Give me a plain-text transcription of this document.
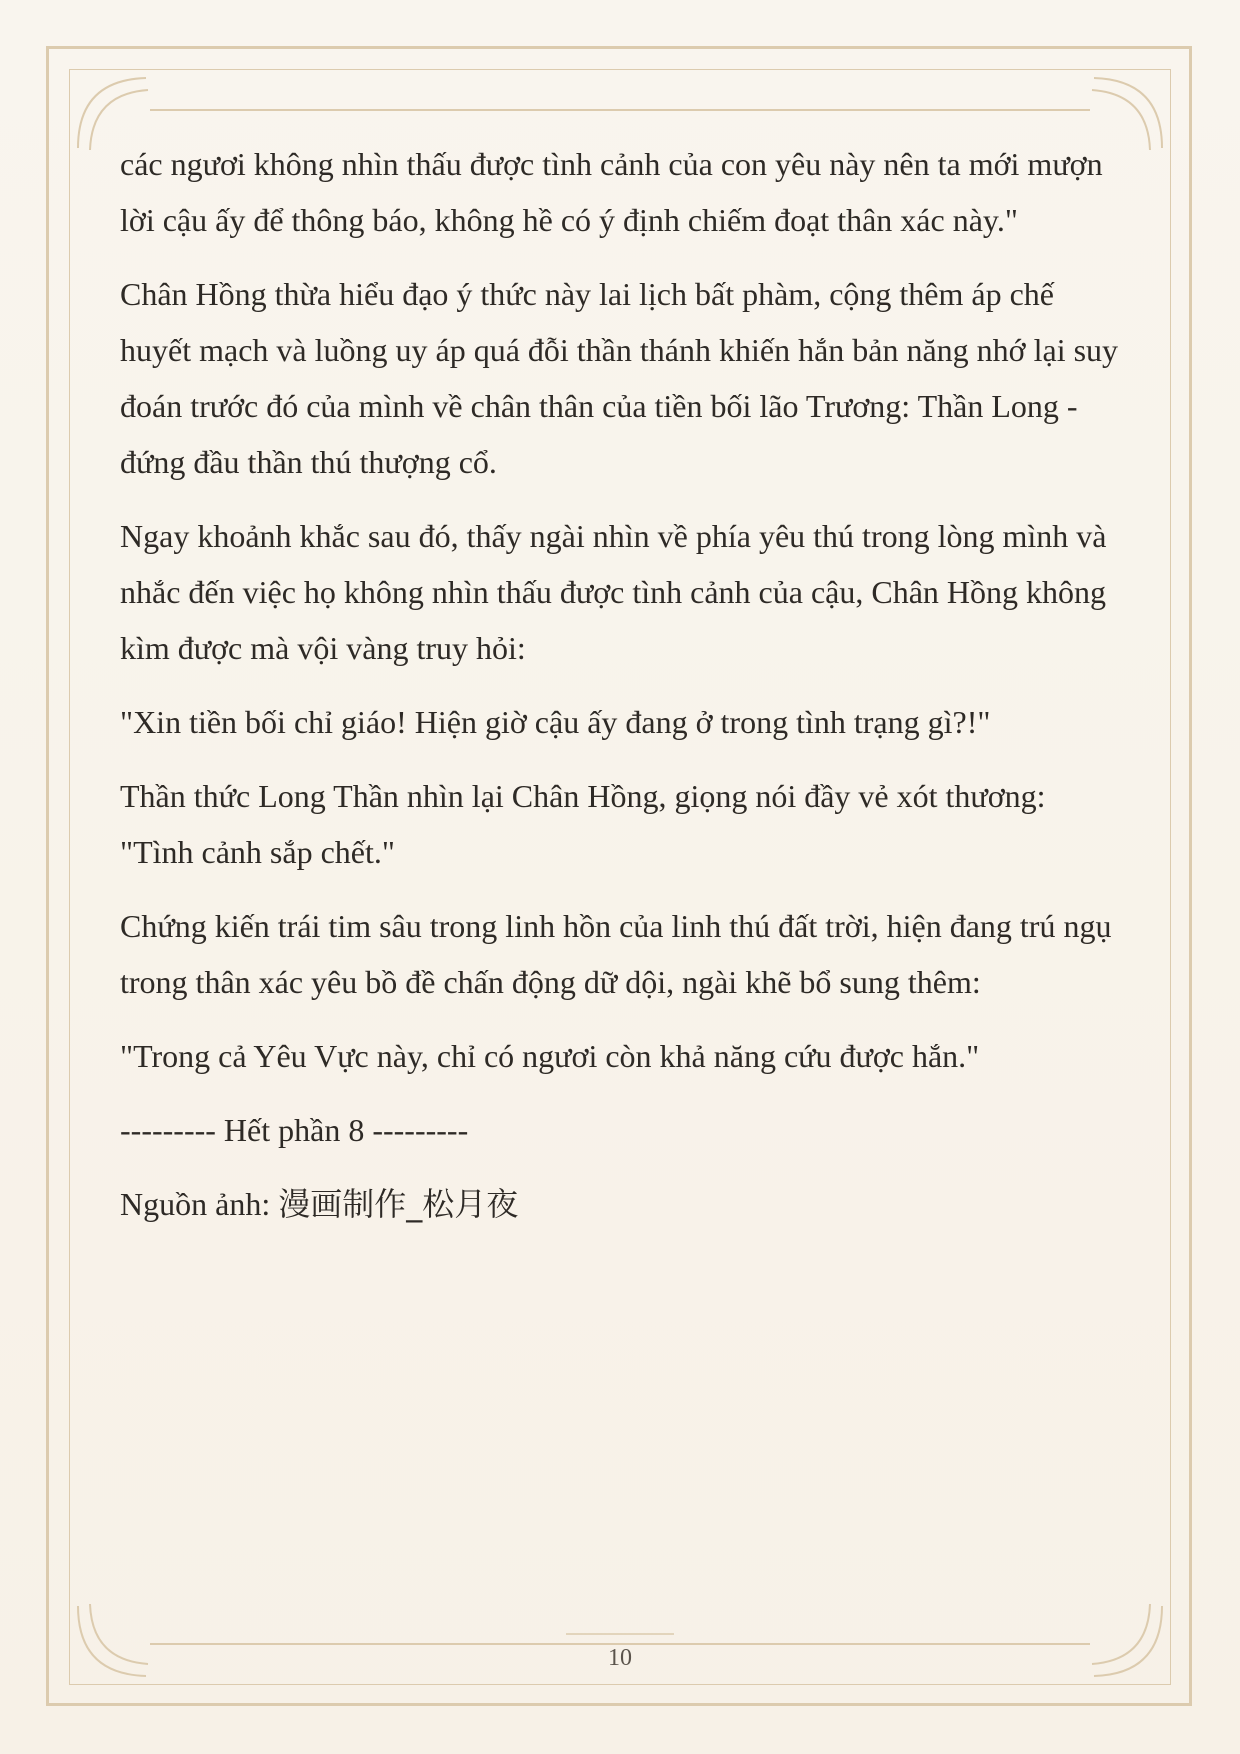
các ngươi không nhìn thấu được tình cảnh của con yêu này nên ta mới mượn lời cậu ấy để thông báo, không hề có ý định chiếm đoạt thân xác này."

Chân Hồng thừa hiểu đạo ý thức này lai lịch bất phàm, cộng thêm áp chế huyết mạch và luồng uy áp quá đỗi thần thánh khiến hắn bản năng nhớ lại suy đoán trước đó của mình về chân thân của tiền bối lão Trương: Thần Long - đứng đầu thần thú thượng cổ.

Ngay khoảnh khắc sau đó, thấy ngài nhìn về phía yêu thú trong lòng mình và nhắc đến việc họ không nhìn thấu được tình cảnh của cậu, Chân Hồng không kìm được mà vội vàng truy hỏi:

"Xin tiền bối chỉ giáo! Hiện giờ cậu ấy đang ở trong tình trạng gì?!"

Thần thức Long Thần nhìn lại Chân Hồng, giọng nói đầy vẻ xót thương: "Tình cảnh sắp chết."

Chứng kiến trái tim sâu trong linh hồn của linh thú đất trời, hiện đang trú ngụ trong thân xác yêu bồ đề chấn động dữ dội, ngài khẽ bổ sung thêm:

"Trong cả Yêu Vực này, chỉ có ngươi còn khả năng cứu được hắn."

--------- Hết phần 8 ---------

Nguồn ảnh: 漫画制作_松月夜

10
